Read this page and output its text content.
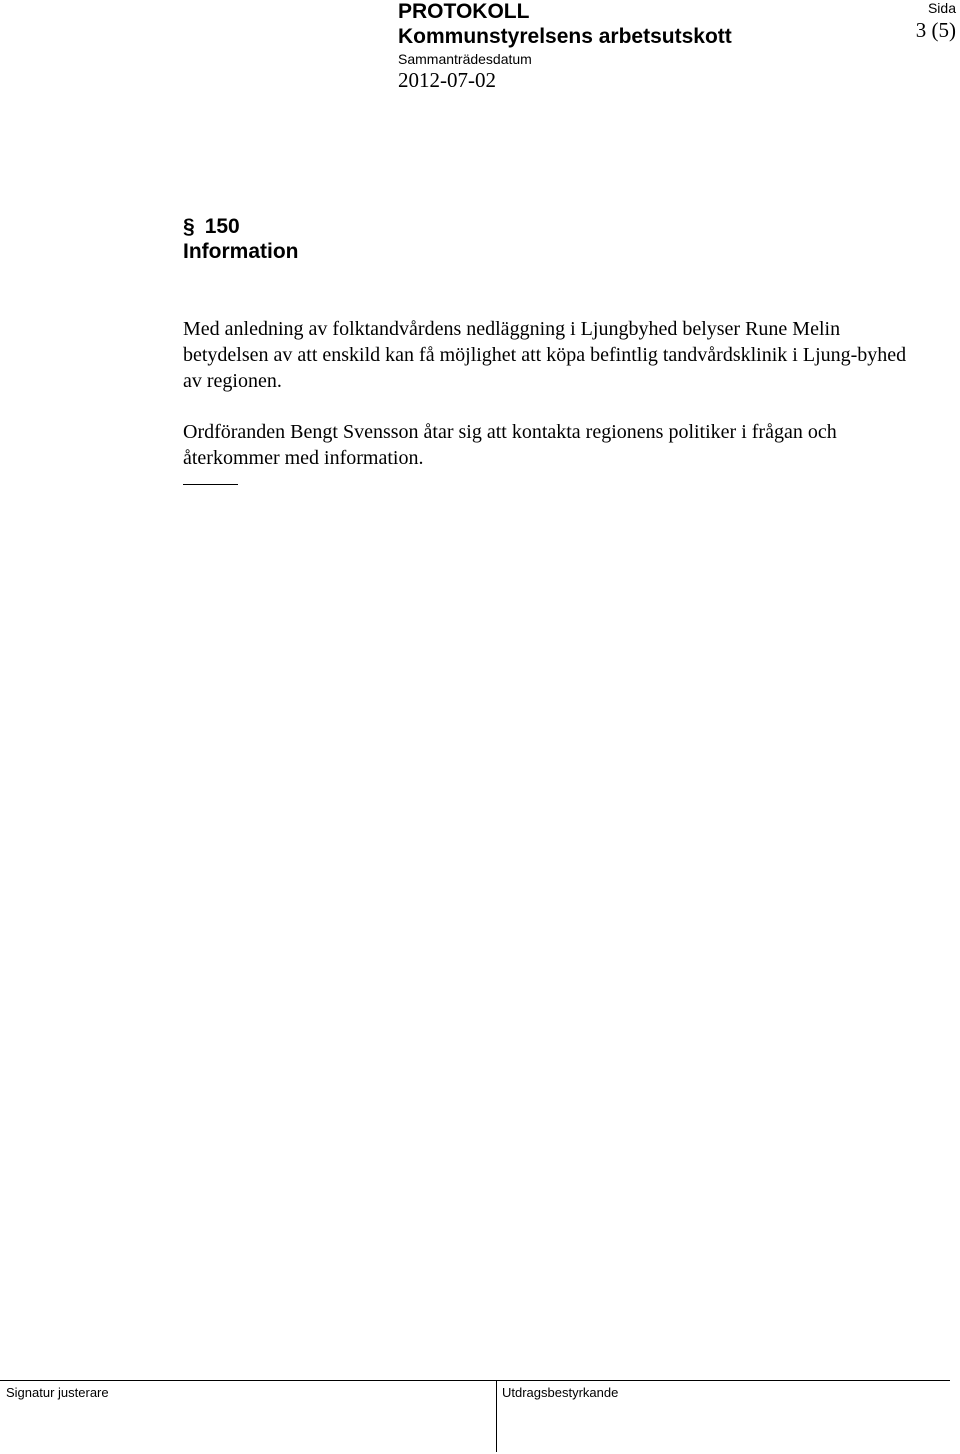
PROTOKOLL
Kommunstyrelsens arbetsutskott
Sammanträdesdatum
2012-07-02
Sida
3 (5)
§ 150
Information

Med anledning av folktandvårdens nedläggning i Ljungbyhed belyser Rune Melin betydelsen av att enskild kan få möjlighet att köpa befintlig tandvårdsklinik i Ljung-byhed av regionen.

Ordföranden Bengt Svensson åtar sig att kontakta regionens politiker i frågan och återkommer med information.

Signatur justerare	Utdragsbestyrkande
